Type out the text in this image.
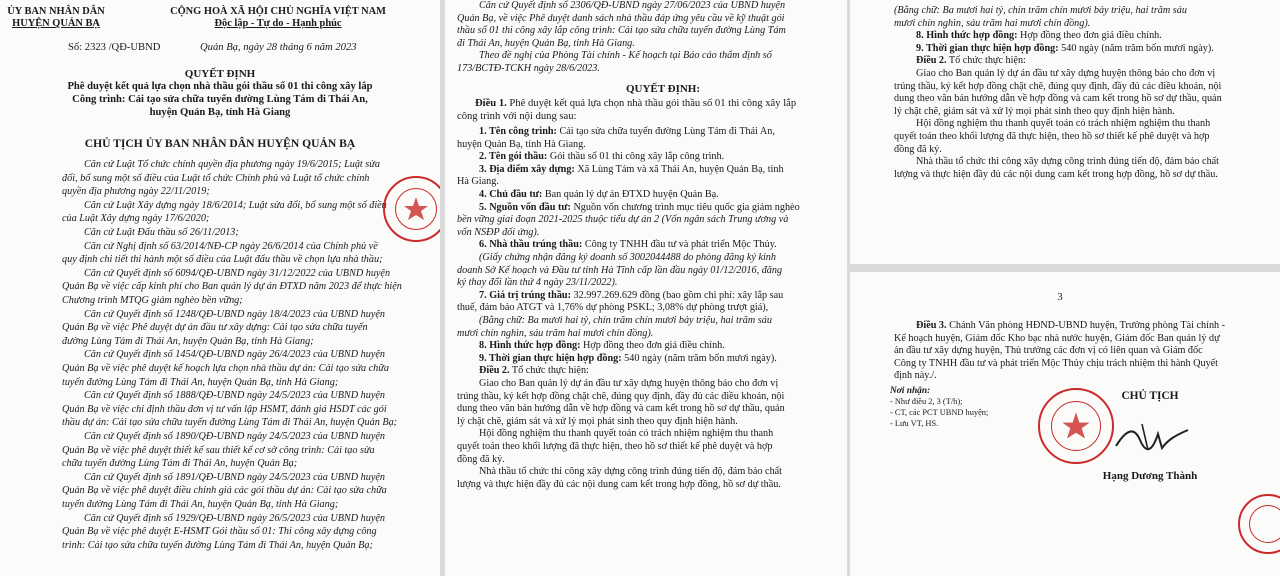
ỦY BAN NHÂN DÂN
HUYỆN QUẢN BẠ
CỘNG HOÀ XÃ HỘI CHỦ NGHĨA VIỆT NAM
Độc lập - Tự do - Hạnh phúc
Số: 2323 /QĐ-UBND	Quản Bạ, ngày 28 tháng 6 năm 2023
QUYẾT ĐỊNH
Phê duyệt kết quả lựa chọn nhà thầu gói thầu số 01 thi công xây lắp
Công trình: Cải tạo sửa chữa tuyến đường Lùng Tám đi Thái An,
huyện Quản Bạ, tỉnh Hà Giang
CHỦ TỊCH ỦY BAN NHÂN DÂN HUYỆN QUẢN BẠ
Căn cứ Luật Tổ chức chính quyền địa phương ngày 19/6/2015; Luật sửa
đổi, bổ sung một số điều của Luật tổ chức Chính phủ và Luật tổ chức chính
quyền địa phương ngày 22/11/2019;
Căn cứ Luật Xây dựng ngày 18/6/2014; Luật sửa đổi, bổ sung một số điều
của Luật Xây dựng ngày 17/6/2020;
Căn cứ Luật Đấu thầu số 26/11/2013;
Căn cứ Nghị định số 63/2014/NĐ-CP ngày 26/6/2014 của Chính phủ về
quy định chi tiết thi hành một số điều của Luật đấu thầu về chọn lựa nhà thầu;
Căn cứ Quyết định số 6094/QĐ-UBND ngày 31/12/2022 của UBND huyện
Quản Bạ về việc cấp kinh phí cho Ban quản lý dự án ĐTXD năm 2023 để thực hiện
Chương trình MTQG giảm nghèo bền vững;
Căn cứ Quyết định số 1248/QĐ-UBND ngày 18/4/2023 của UBND huyện
Quản Bạ về việc Phê duyệt dự án đầu tư xây dựng: Cải tạo sửa chữa tuyến
đường Lùng Tám đi Thái An, huyện Quản Bạ, tỉnh Hà Giang;
Căn cứ Quyết định số 1454/QĐ-UBND ngày 26/4/2023 của UBND huyện
Quản Bạ về việc phê duyệt kế hoạch lựa chọn nhà thầu dự án: Cải tạo sửa chữa
tuyến đường Lùng Tám đi Thái An, huyện Quản Bạ, tỉnh Hà Giang;
Căn cứ Quyết định số 1888/QĐ-UBND ngày 24/5/2023 của UBND huyện
Quản Bạ về việc chỉ định thầu đơn vị tư vấn lập HSMT, đánh giá HSDT các gói
thầu dự án: Cải tạo sửa chữa tuyến đường Lùng Tám đi Thái An, huyện Quản Bạ;
Căn cứ Quyết định số 1890/QĐ-UBND ngày 24/5/2023 của UBND huyện
Quản Bạ về việc phê duyệt thiết kế sau thiết kế cơ sở công trình: Cải tạo sửa
chữa tuyến đường Lùng Tám đi Thái An, huyện Quản Bạ;
Căn cứ Quyết định số 1891/QĐ-UBND ngày 24/5/2023 của UBND huyện
Quản Bạ về việc phê duyệt điều chỉnh giá các gói thầu dự án: Cải tạo sửa chữa
tuyến đường Lùng Tám đi Thái An, huyện Quản Bạ, tỉnh Hà Giang;
Căn cứ Quyết định số 1929/QĐ-UBND ngày 26/5/2023 của UBND huyện
Quản Bạ về việc phê duyệt E-HSMT Gói thầu số 01: Thi công xây dựng công
trình: Cải tạo sửa chữa tuyến đường Lùng Tám đi Thái An, huyện Quản Bạ;
Căn cứ Quyết định số 2306/QĐ-UBND ngày 27/06/2023 của UBND huyện
Quản Bạ, về việc Phê duyệt danh sách nhà thầu đáp ứng yêu cầu về kỹ thuật gói
thầu số 01 thi công xây lắp công trình: Cải tạo sửa chữa tuyến đường Lùng Tám
đi Thái An, huyện Quản Bạ, tỉnh Hà Giang.
Theo đề nghị của Phòng Tài chính - Kế hoạch tại Báo cáo thẩm định số
173/BCTĐ-TCKH ngày 28/6/2023.
QUYẾT ĐỊNH:
Điều 1. Phê duyệt kết quả lựa chọn nhà thầu gói thầu số 01 thi công xây lắp
công trình với nội dung sau:
1. Tên công trình: Cải tạo sửa chữa tuyến đường Lùng Tám đi Thái An,
huyện Quản Bạ, tỉnh Hà Giang.
2. Tên gói thầu: Gói thầu số 01 thi công xây lắp công trình.
3. Địa điểm xây dựng: Xã Lùng Tám và xã Thái An, huyện Quản Bạ, tỉnh
Hà Giang.
4. Chủ đầu tư: Ban quản lý dự án ĐTXD huyện Quản Bạ.
5. Nguồn vốn đầu tư: Nguồn vốn chương trình mục tiêu quốc gia giảm nghèo
bền vững giai đoạn 2021-2025 thuộc tiểu dự án 2 (Vốn ngân sách Trung ương và
vốn NSĐP đối ứng).
6. Nhà thầu trúng thầu: Công ty TNHH đầu tư và phát triển Mộc Thủy.
(Giấy chứng nhận đăng ký doanh số 3002044488 do phòng đăng ký kinh
doanh Sở Kế hoạch và Đầu tư tỉnh Hà Tĩnh cấp lần đầu ngày 01/12/2016, đăng
ký thay đổi lần thứ 4 ngày 23/11/2022).
7. Giá trị trúng thầu: 32.997.269.629 đồng (bao gồm chi phí: xây lắp sau
thuế, đảm bảo ATGT và 1,76% dự phòng PSKL; 3,08% dự phòng trượt giá),
(Bằng chữ: Ba mươi hai tỷ, chín trăm chín mươi bảy triệu, hai trăm sáu
mươi chín nghìn, sáu trăm hai mươi chín đồng).
8. Hình thức hợp đồng: Hợp đồng theo đơn giá điều chỉnh.
9. Thời gian thực hiện hợp đồng: 540 ngày (năm trăm bốn mươi ngày).
Điều 2. Tổ chức thực hiện:
Giao cho Ban quản lý dự án đầu tư xây dựng huyện thông báo cho đơn vị
trúng thầu, ký kết hợp đồng chặt chẽ, đúng quy định, đầy đủ các điều khoản, nội
dung theo văn bản hướng dẫn về hợp đồng và cam kết trong hồ sơ dự thầu, quản
lý chặt chẽ, giám sát và xử lý mọi phát sinh theo quy định hiện hành.
Hội đồng nghiệm thu thanh quyết toán có trách nhiệm nghiệm thu thanh
quyết toán theo khối lượng đã thực hiện, theo hồ sơ thiết kế phê duyệt và hợp
đồng đã ký.
Nhà thầu tổ chức thi công xây dựng công trình đúng tiến độ, đảm bảo chất
lượng và thực hiện đầy đủ các nội dung cam kết trong hợp đồng, hồ sơ dự thầu.
(Bằng chữ: Ba mươi hai tỷ, chín trăm chín mươi bảy triệu, hai trăm sáu
mươi chín nghìn, sáu trăm hai mươi chín đồng).
8. Hình thức hợp đồng: Hợp đồng theo đơn giá điều chỉnh.
9. Thời gian thực hiện hợp đồng: 540 ngày (năm trăm bốn mươi ngày).
Điều 2. Tổ chức thực hiện:
Giao cho Ban quản lý dự án đầu tư xây dựng huyện thông báo cho đơn vị
trúng thầu, ký kết hợp đồng chặt chẽ, đúng quy định, đầy đủ các điều khoản, nội
dung theo văn bản hướng dẫn về hợp đồng và cam kết trong hồ sơ dự thầu, quản
lý chặt chẽ, giám sát và xử lý mọi phát sinh theo quy định hiện hành.
Hội đồng nghiệm thu thanh quyết toán có trách nhiệm nghiệm thu thanh
quyết toán theo khối lượng đã thực hiện, theo hồ sơ thiết kế phê duyệt và hợp
đồng đã ký.
Nhà thầu tổ chức thi công xây dựng công trình đúng tiến độ, đảm bảo chất
lượng và thực hiện đầy đủ các nội dung cam kết trong hợp đồng, hồ sơ dự thầu.
3
Điều 3. Chánh Văn phòng HĐND-UBND huyện, Trưởng phòng Tài chính -
Kế hoạch huyện, Giám đốc Kho bạc nhà nước huyện, Giám đốc Ban quản lý dự
án đầu tư xây dựng huyện, Thủ trưởng các đơn vị có liên quan và Giám đốc
Công ty TNHH đầu tư và phát triển Mộc Thủy chịu trách nhiệm thi hành Quyết
định này./.
Nơi nhận:
- Như điều 2, 3 (T/h);
- CT, các PCT UBND huyện;
- Lưu VT, HS.
CHỦ TỊCH
Hạng Dương Thành
